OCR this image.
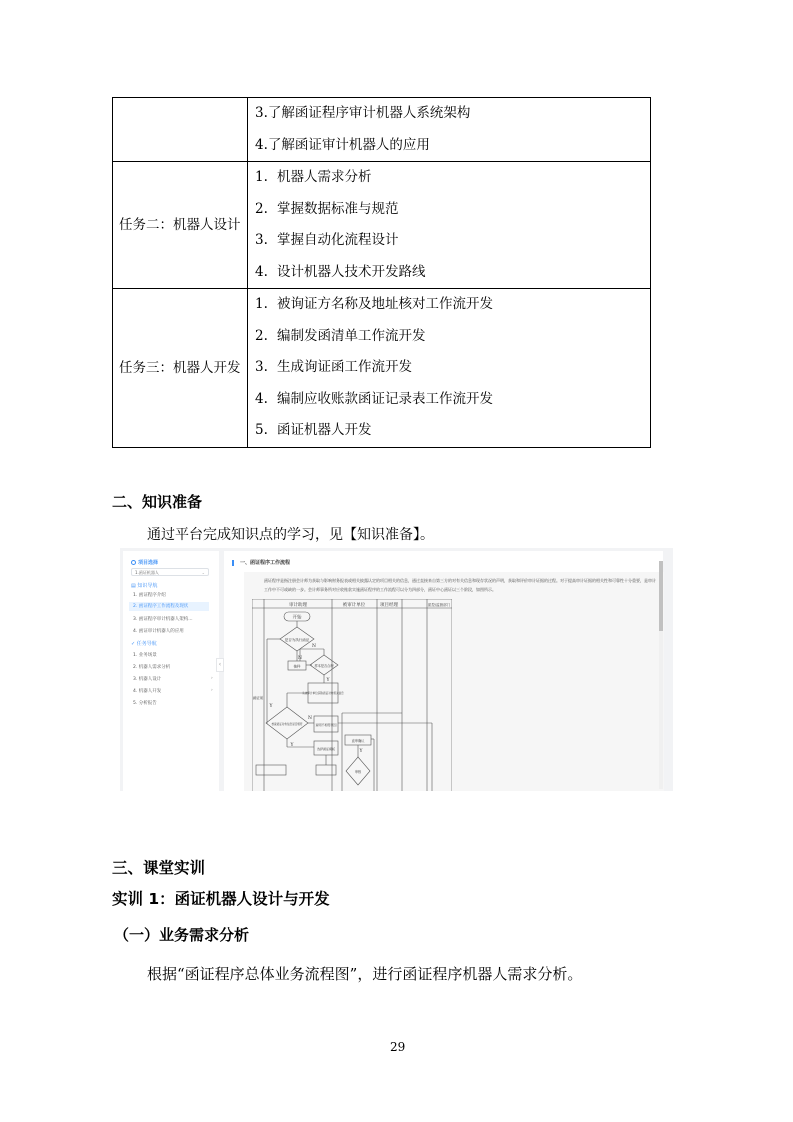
	3.了解函证程序审计机器人系统架构
4.了解函证审计机器人的应用

任务二：机器人设计	1. 机器人需求分析
2. 掌握数据标准与规范
3. 掌握自动化流程设计
4. 设计机器人技术开发路线

任务三：机器人开发	1. 被询证方名称及地址核对工作流开发
2. 编制发函清单工作流开发
3. 生成询证函工作流开发
4. 编制应收账款函证记录表工作流开发
5. 函证机器人开发
二、知识准备
通过平台完成知识点的学习，见【知识准备】。
项目选择
1.函证机器人	⌄
▤ 知识导航
1. 函证程序介绍
2. 函证程序工作流程及现状
3. 函证程序审计机器人架构...
4. 函证审计机器人的应用
✓ 任务导航
1. 业务场景
2. 机器人需求分析
3. 机器人设计	›
4. 机器人开发	›
5. 分析报告
‹
一、函证程序工作流程

函证程序是指注册会计师为获取与影响财务报表或相关披露认定的项目相关的信息，通过直接来自第三方的对有关信息和现存状况的声明，获取和评价审计证据的过程。对于提高审计证据的相关性和可靠性十分重要，是审计工作中不可或缺的一步。会计师事务所对应收账款实施函证程序的工作流程可以分为四部分，函证中心函证以三个阶段，如图所示。

审计助理	被审计单位	项目经理	质控/监督部门
开始
是否为执行函证
抽样	样本是否合理
从被审计单位获取函证对象相关信息
核查函证对象信息是否相符	查明不相符原因
选择函证模板
直审确认
审核
函证前
N
N
Y
Y
N
Y
Y
三、课堂实训
实训 1：函证机器人设计与开发
（一）业务需求分析
根据“函证程序总体业务流程图”，进行函证程序机器人需求分析。
29
